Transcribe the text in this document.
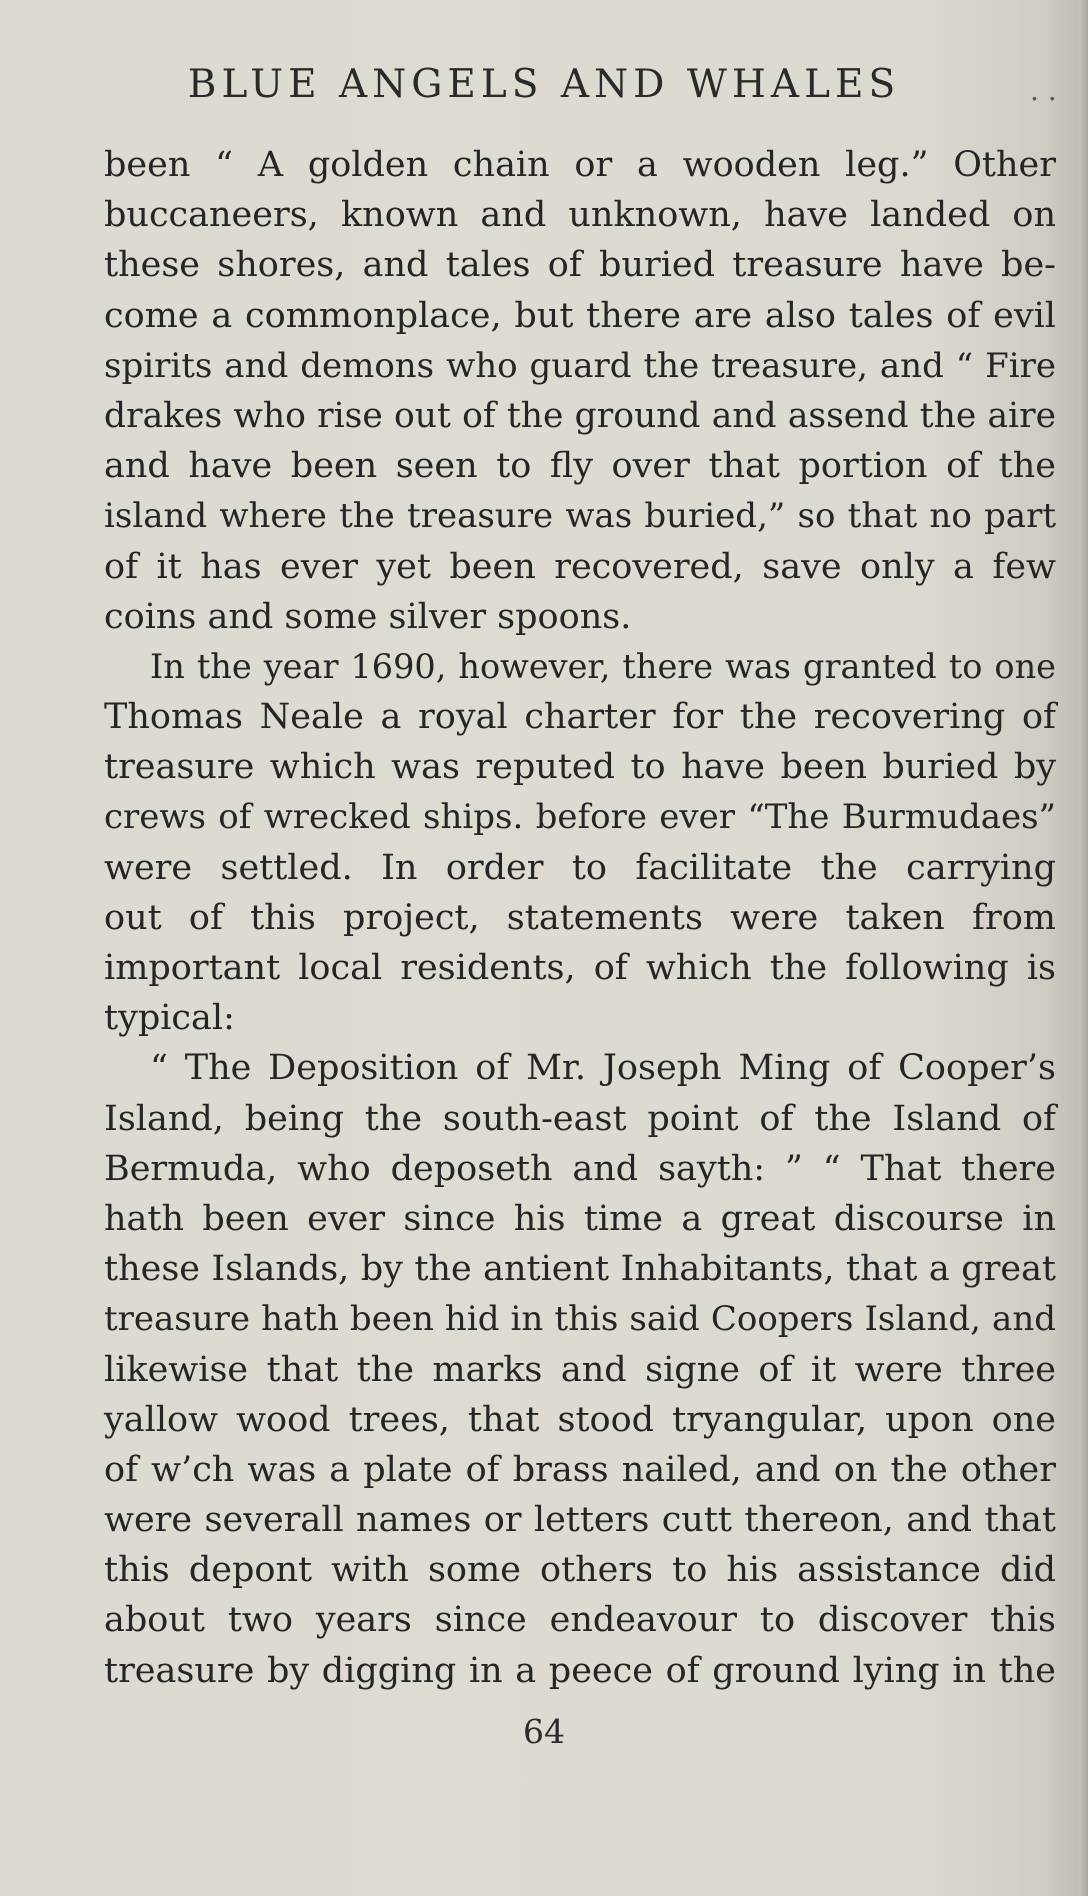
BLUE ANGELS AND WHALES	. .
been “ A golden chain or a wooden leg.” Other
buccaneers, known and unknown, have landed on
these shores, and tales of buried treasure have be-
come a commonplace, but there are also tales of evil
spirits and demons who guard the treasure, and “ Fire
drakes who rise out of the ground and assend the aire
and have been seen to fly over that portion of the
island where the treasure was buried,” so that no part
of it has ever yet been recovered, save only a few
coins and some silver spoons.
In the year 1690, however, there was granted to one
Thomas Neale a royal charter for the recovering of
treasure which was reputed to have been buried by
crews of wrecked ships. before ever “The Burmudaes”
were settled. In order to facilitate the carrying
out of this project, statements were taken from
important local residents, of which the following is
typical:
“ The Deposition of Mr. Joseph Ming of Cooper’s
Island, being the south-east point of the Island of
Bermuda, who deposeth and sayth: ” “ That there
hath been ever since his time a great discourse in
these Islands, by the antient Inhabitants, that a great
treasure hath been hid in this said Coopers Island, and
likewise that the marks and signe of it were three
yallow wood trees, that stood tryangular, upon one
of w’ch was a plate of brass nailed, and on the other
were severall names or letters cutt thereon, and that
this depont with some others to his assistance did
about two years since endeavour to discover this
treasure by digging in a peece of ground lying in the
64
